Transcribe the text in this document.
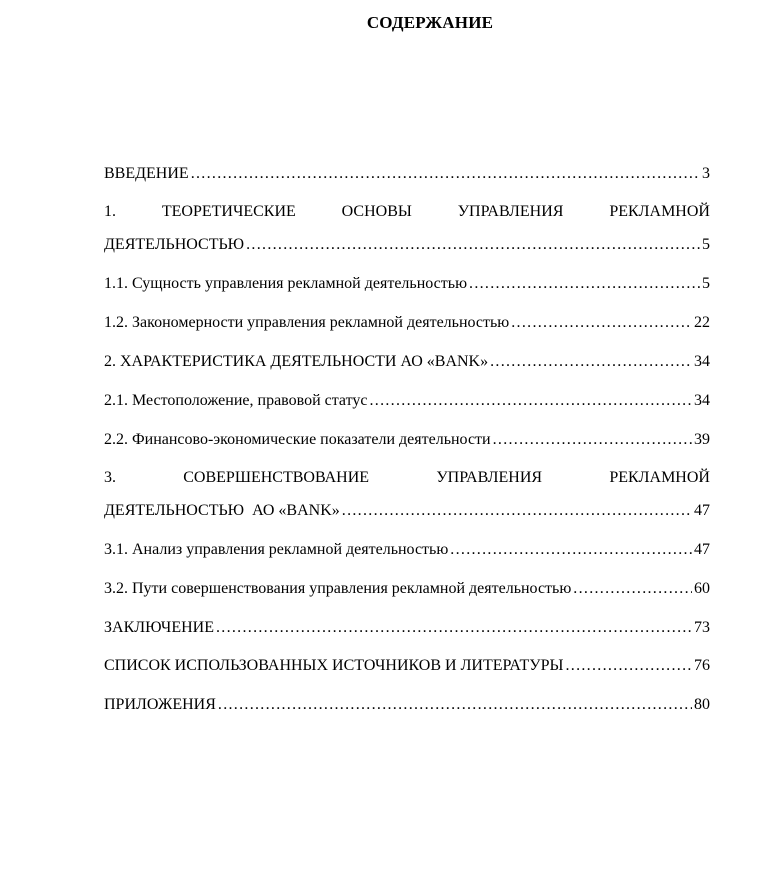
СОДЕРЖАНИЕ
ВВЕДЕНИЕ . . .	3
1.	ТЕОРЕТИЧЕСКИЕ	ОСНОВЫ	УПРАВЛЕНИЯ	РЕКЛАМНОЙ
ДЕЯТЕЛЬНОСТЬЮ . . .	5
1.1. Сущность управления рекламной деятельностью . . .	5
1.2. Закономерности управления рекламной деятельностью . . .	22
2. ХАРАКТЕРИСТИКА ДЕЯТЕЛЬНОСТИ АО «BANK» . . .	34
2.1. Местоположение, правовой статус . . .	34
2.2. Финансово-экономические показатели деятельности . . .	39
3.	СОВЕРШЕНСТВОВАНИЕ	УПРАВЛЕНИЯ	РЕКЛАМНОЙ
ДЕЯТЕЛЬНОСТЬЮ  АО «BANK» . . .	47
3.1. Анализ управления рекламной деятельностью . . .	47
3.2. Пути совершенствования управления рекламной деятельностью . . .	60
ЗАКЛЮЧЕНИЕ . . .	73
СПИСОК ИСПОЛЬЗОВАННЫХ ИСТОЧНИКОВ И ЛИТЕРАТУРЫ . . .	76
ПРИЛОЖЕНИЯ . . .	80
